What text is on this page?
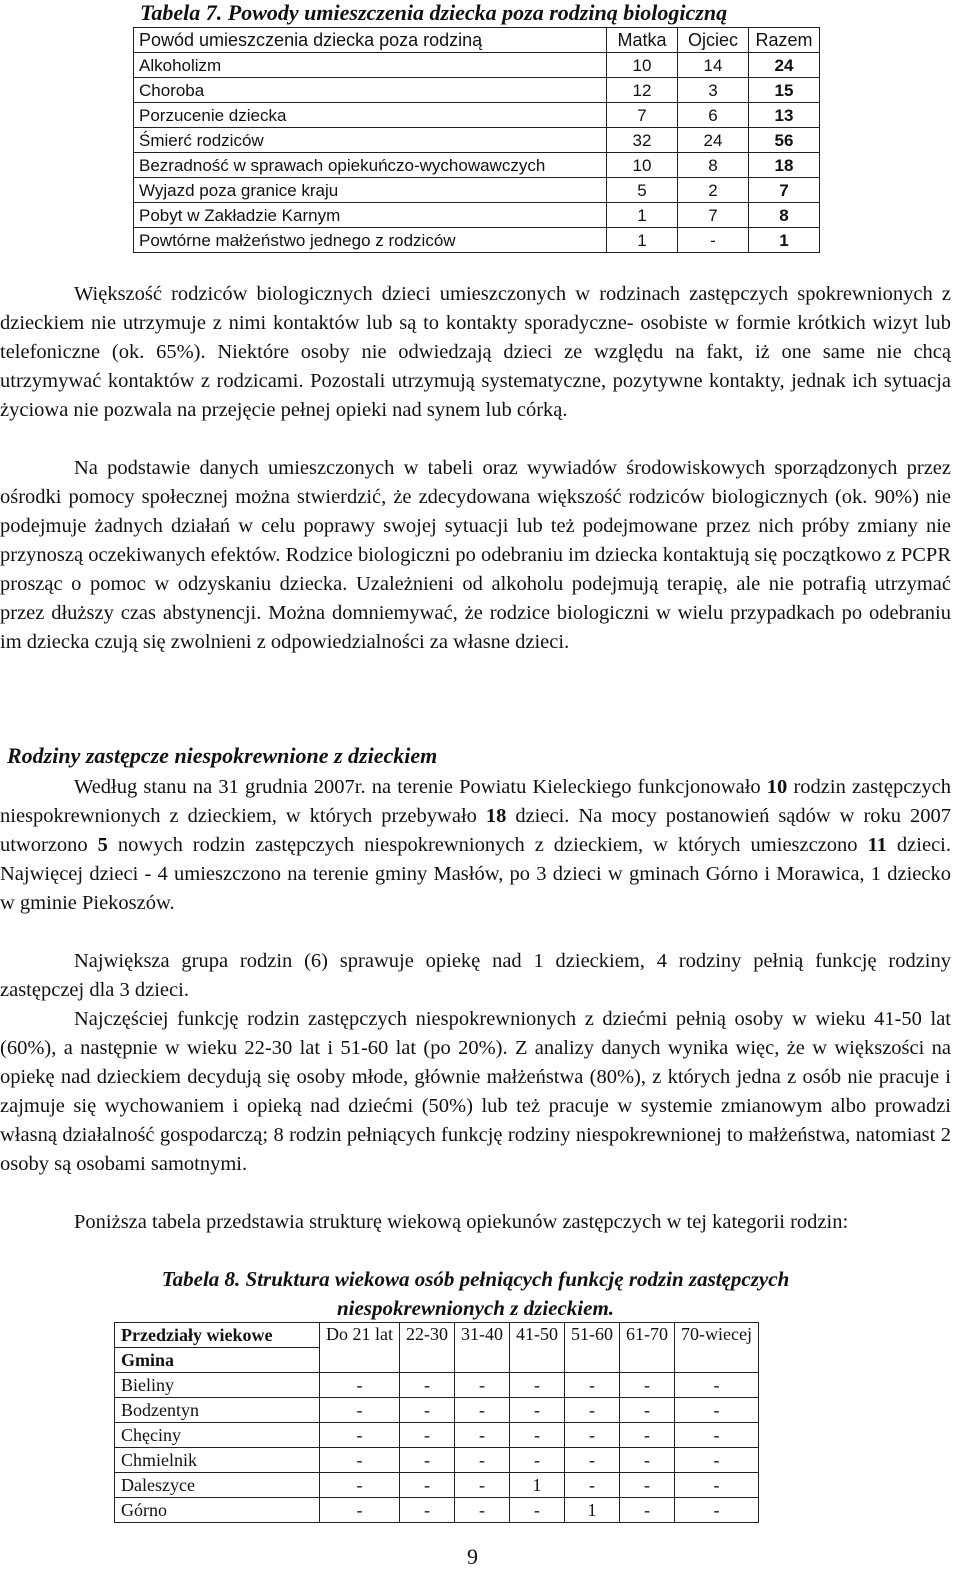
Tabela 7. Powody umieszczenia dziecka poza rodziną biologiczną
Powód umieszczenia dziecka poza rodziną	Matka	Ojciec	Razem
Alkoholizm	10	14	24
Choroba	12	3	15
Porzucenie dziecka	7	6	13
Śmierć rodziców	32	24	56
Bezradność w sprawach opiekuńczo-wychowawczych	10	8	18
Wyjazd poza granice kraju	5	2	7
Pobyt w Zakładzie Karnym	1	7	8
Powtórne małżeństwo jednego z rodziców	1	-	1
Większość rodziców biologicznych dzieci umieszczonych w rodzinach zastępczych spokrewnionych z dzieckiem nie utrzymuje z nimi kontaktów lub są to kontakty sporadyczne- osobiste w formie krótkich wizyt lub telefoniczne (ok. 65%). Niektóre osoby nie odwiedzają dzieci ze względu na fakt, iż one same nie chcą utrzymywać kontaktów z rodzicami. Pozostali utrzymują systematyczne, pozytywne kontakty, jednak ich sytuacja życiowa nie pozwala na przejęcie pełnej opieki nad synem lub córką.
Na podstawie danych umieszczonych w tabeli oraz wywiadów środowiskowych sporządzonych przez ośrodki pomocy społecznej można stwierdzić, że zdecydowana większość rodziców biologicznych (ok. 90%) nie podejmuje żadnych działań w celu poprawy swojej sytuacji lub też podejmowane przez nich próby zmiany nie przynoszą oczekiwanych efektów. Rodzice biologiczni po odebraniu im dziecka kontaktują się początkowo z PCPR prosząc o pomoc w odzyskaniu dziecka. Uzależnieni od alkoholu podejmują terapię, ale nie potrafią utrzymać przez dłuższy czas abstynencji. Można domniemywać, że rodzice biologiczni w wielu przypadkach po odebraniu im dziecka czują się zwolnieni z odpowiedzialności za własne dzieci.
Rodziny zastępcze niespokrewnione z dzieckiem
Według stanu na 31 grudnia 2007r. na terenie Powiatu Kieleckiego funkcjonowało 10 rodzin zastępczych niespokrewnionych z dzieckiem, w których przebywało 18 dzieci. Na mocy postanowień sądów w roku 2007 utworzono 5 nowych rodzin zastępczych niespokrewnionych z dzieckiem, w których umieszczono 11 dzieci. Najwięcej dzieci - 4 umieszczono na terenie gminy Masłów, po 3 dzieci w gminach Górno i Morawica, 1 dziecko w gminie Piekoszów.
Największa grupa rodzin (6) sprawuje opiekę nad 1 dzieckiem, 4 rodziny pełnią funkcję rodziny zastępczej dla 3 dzieci.
Najczęściej funkcję rodzin zastępczych niespokrewnionych z dziećmi pełnią osoby w wieku 41-50 lat (60%), a następnie w wieku 22-30 lat i 51-60 lat (po 20%). Z analizy danych wynika więc, że w większości na opiekę nad dzieckiem decydują się osoby młode, głównie małżeństwa (80%), z których jedna z osób nie pracuje i zajmuje się wychowaniem i opieką nad dziećmi (50%) lub też pracuje w systemie zmianowym albo prowadzi własną działalność gospodarczą; 8 rodzin pełniących funkcję rodziny niespokrewnionej to małżeństwa, natomiast 2 osoby są osobami samotnymi.
Poniższa tabela przedstawia strukturę wiekową opiekunów zastępczych w tej kategorii rodzin:
Tabela 8. Struktura wiekowa osób pełniących funkcję rodzin zastępczych
niespokrewnionych z dzieckiem.
Przedziały wiekowe	Do 21 lat	22-30	31-40	41-50	51-60	61-70	70-wiecej
Gmina							
Bieliny	-	-	-	-	-	-	-
Bodzentyn	-	-	-	-	-	-	-
Chęciny	-	-	-	-	-	-	-
Chmielnik	-	-	-	-	-	-	-
Daleszyce	-	-	-	1	-	-	-
Górno	-	-	-	-	1	-	-
9
